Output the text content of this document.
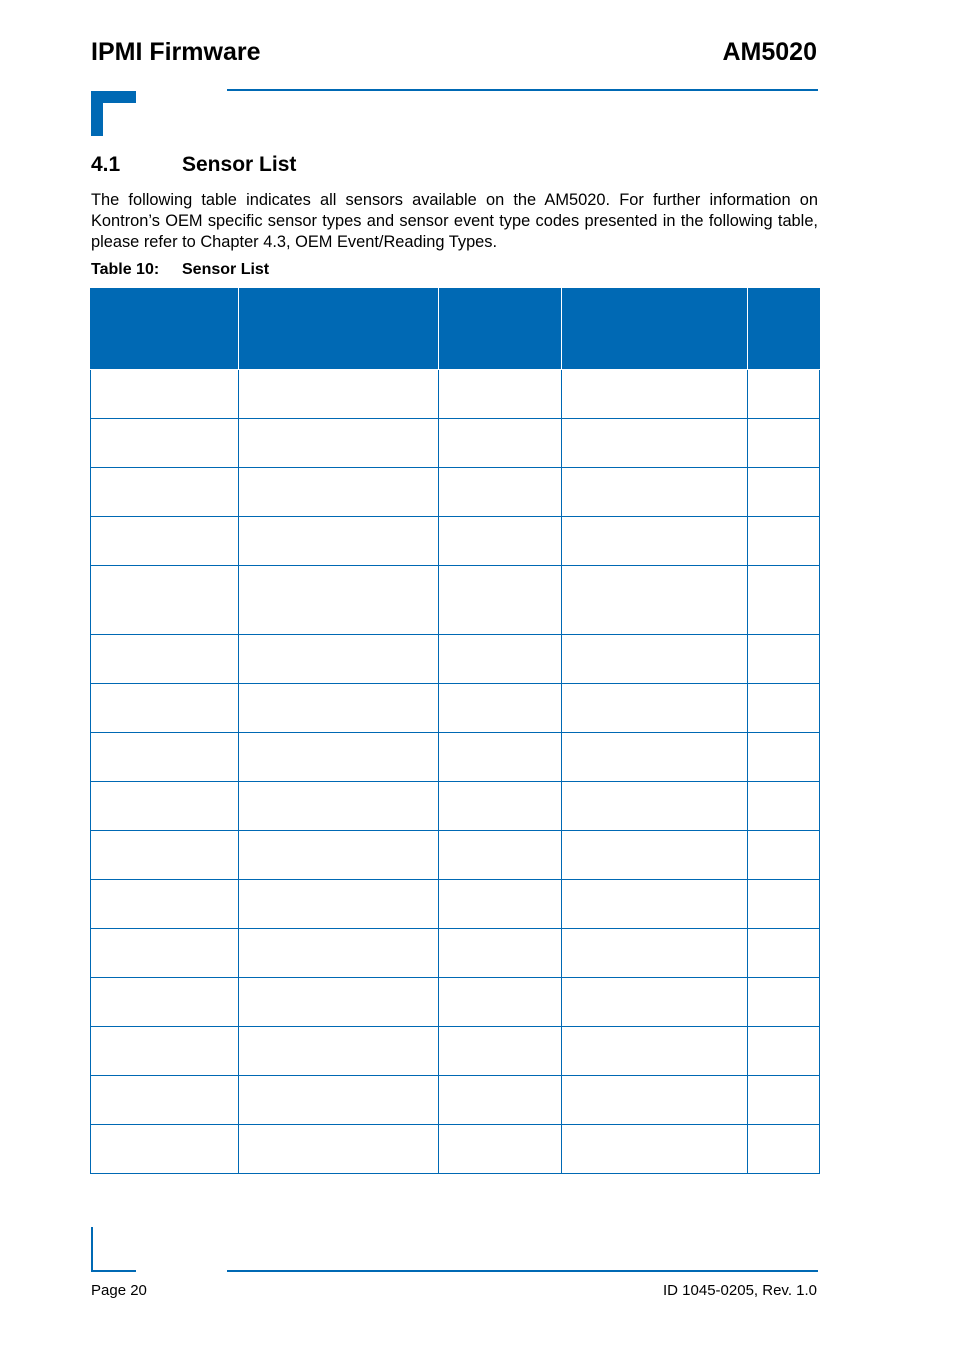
IPMI Firmware	AM5020
4.1	Sensor List
The following table indicates all sensors available on the AM5020. For further information on Kontron’s OEM specific sensor types and sensor event type codes presented in the following table, please refer to Chapter 4.3, OEM Event/Reading Types.
Table 10: Sensor List

Page 20	ID 1045-0205, Rev. 1.0
